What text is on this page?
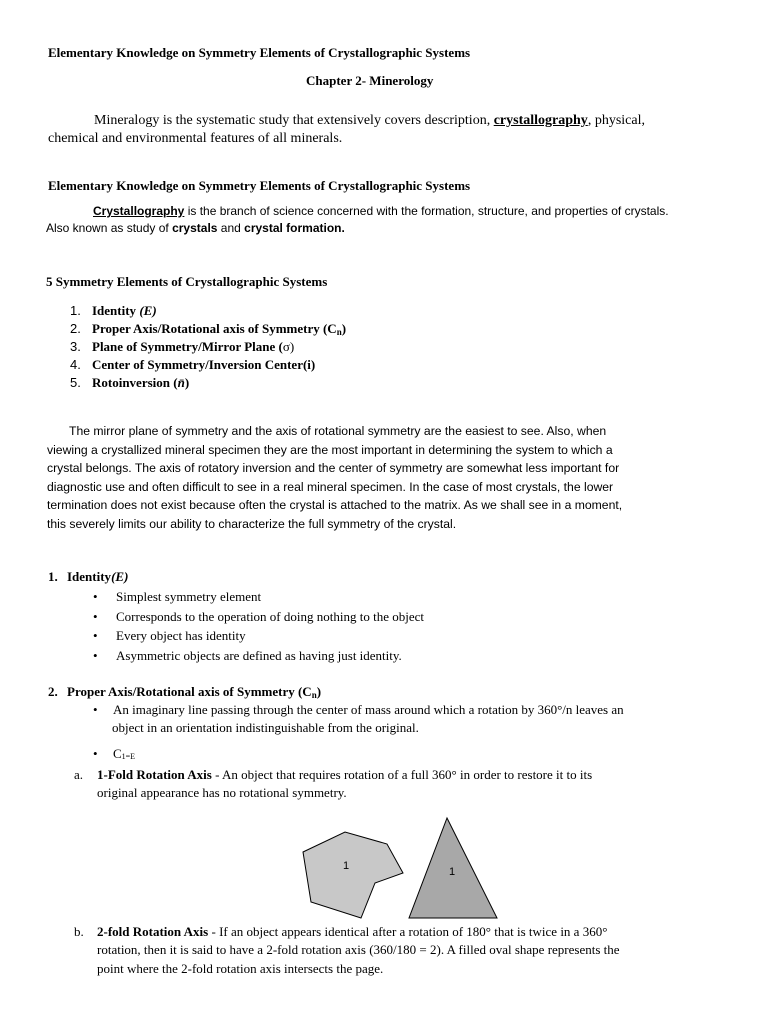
Elementary Knowledge on Symmetry Elements of Crystallographic Systems
Chapter 2- Minerology
Mineralogy is the systematic study that extensively covers description, crystallography, physical,
chemical and environmental features of all minerals.
Elementary Knowledge on Symmetry Elements of Crystallographic Systems
Crystallography is the branch of science concerned with the formation, structure, and properties of crystals.
Also known as study of crystals and crystal formation.
5 Symmetry Elements of Crystallographic Systems
1. Identity (E)
2. Proper Axis/Rotational axis of Symmetry $(C_n)$
3. Plane of Symmetry/Mirror Plane (σ)
4. Center of Symmetry/Inversion Center(i)
5. Rotoinversion (n̄)
The mirror plane of symmetry and the axis of rotational symmetry are the easiest to see. Also, when
viewing a crystallized mineral specimen they are the most important in determining the system to which a
crystal belongs. The axis of rotatory inversion and the center of symmetry are somewhat less important for
diagnostic use and often difficult to see in a real mineral specimen. In the case of most crystals, the lower
termination does not exist because often the crystal is attached to the matrix. As we shall see in a moment,
this severely limits our ability to characterize the full symmetry of the crystal.
1. Identity(E)
• Simplest symmetry element
• Corresponds to the operation of doing nothing to the object
• Every object has identity
• Asymmetric objects are defined as having just identity.
2. Proper Axis/Rotational axis of Symmetry $(C_n)$
• An imaginary line passing through the center of mass around which a rotation by 360°/n leaves an
object in an orientation indistinguishable from the original.
• C1=E
a. 1-Fold Rotation Axis - An object that requires rotation of a full 360° in order to restore it to its
original appearance has no rotational symmetry.
1	1
b. 2-fold Rotation Axis - If an object appears identical after a rotation of 180° that is twice in a 360°
rotation, then it is said to have a 2-fold rotation axis (360/180 = 2). A filled oval shape represents the
point where the 2-fold rotation axis intersects the page.
